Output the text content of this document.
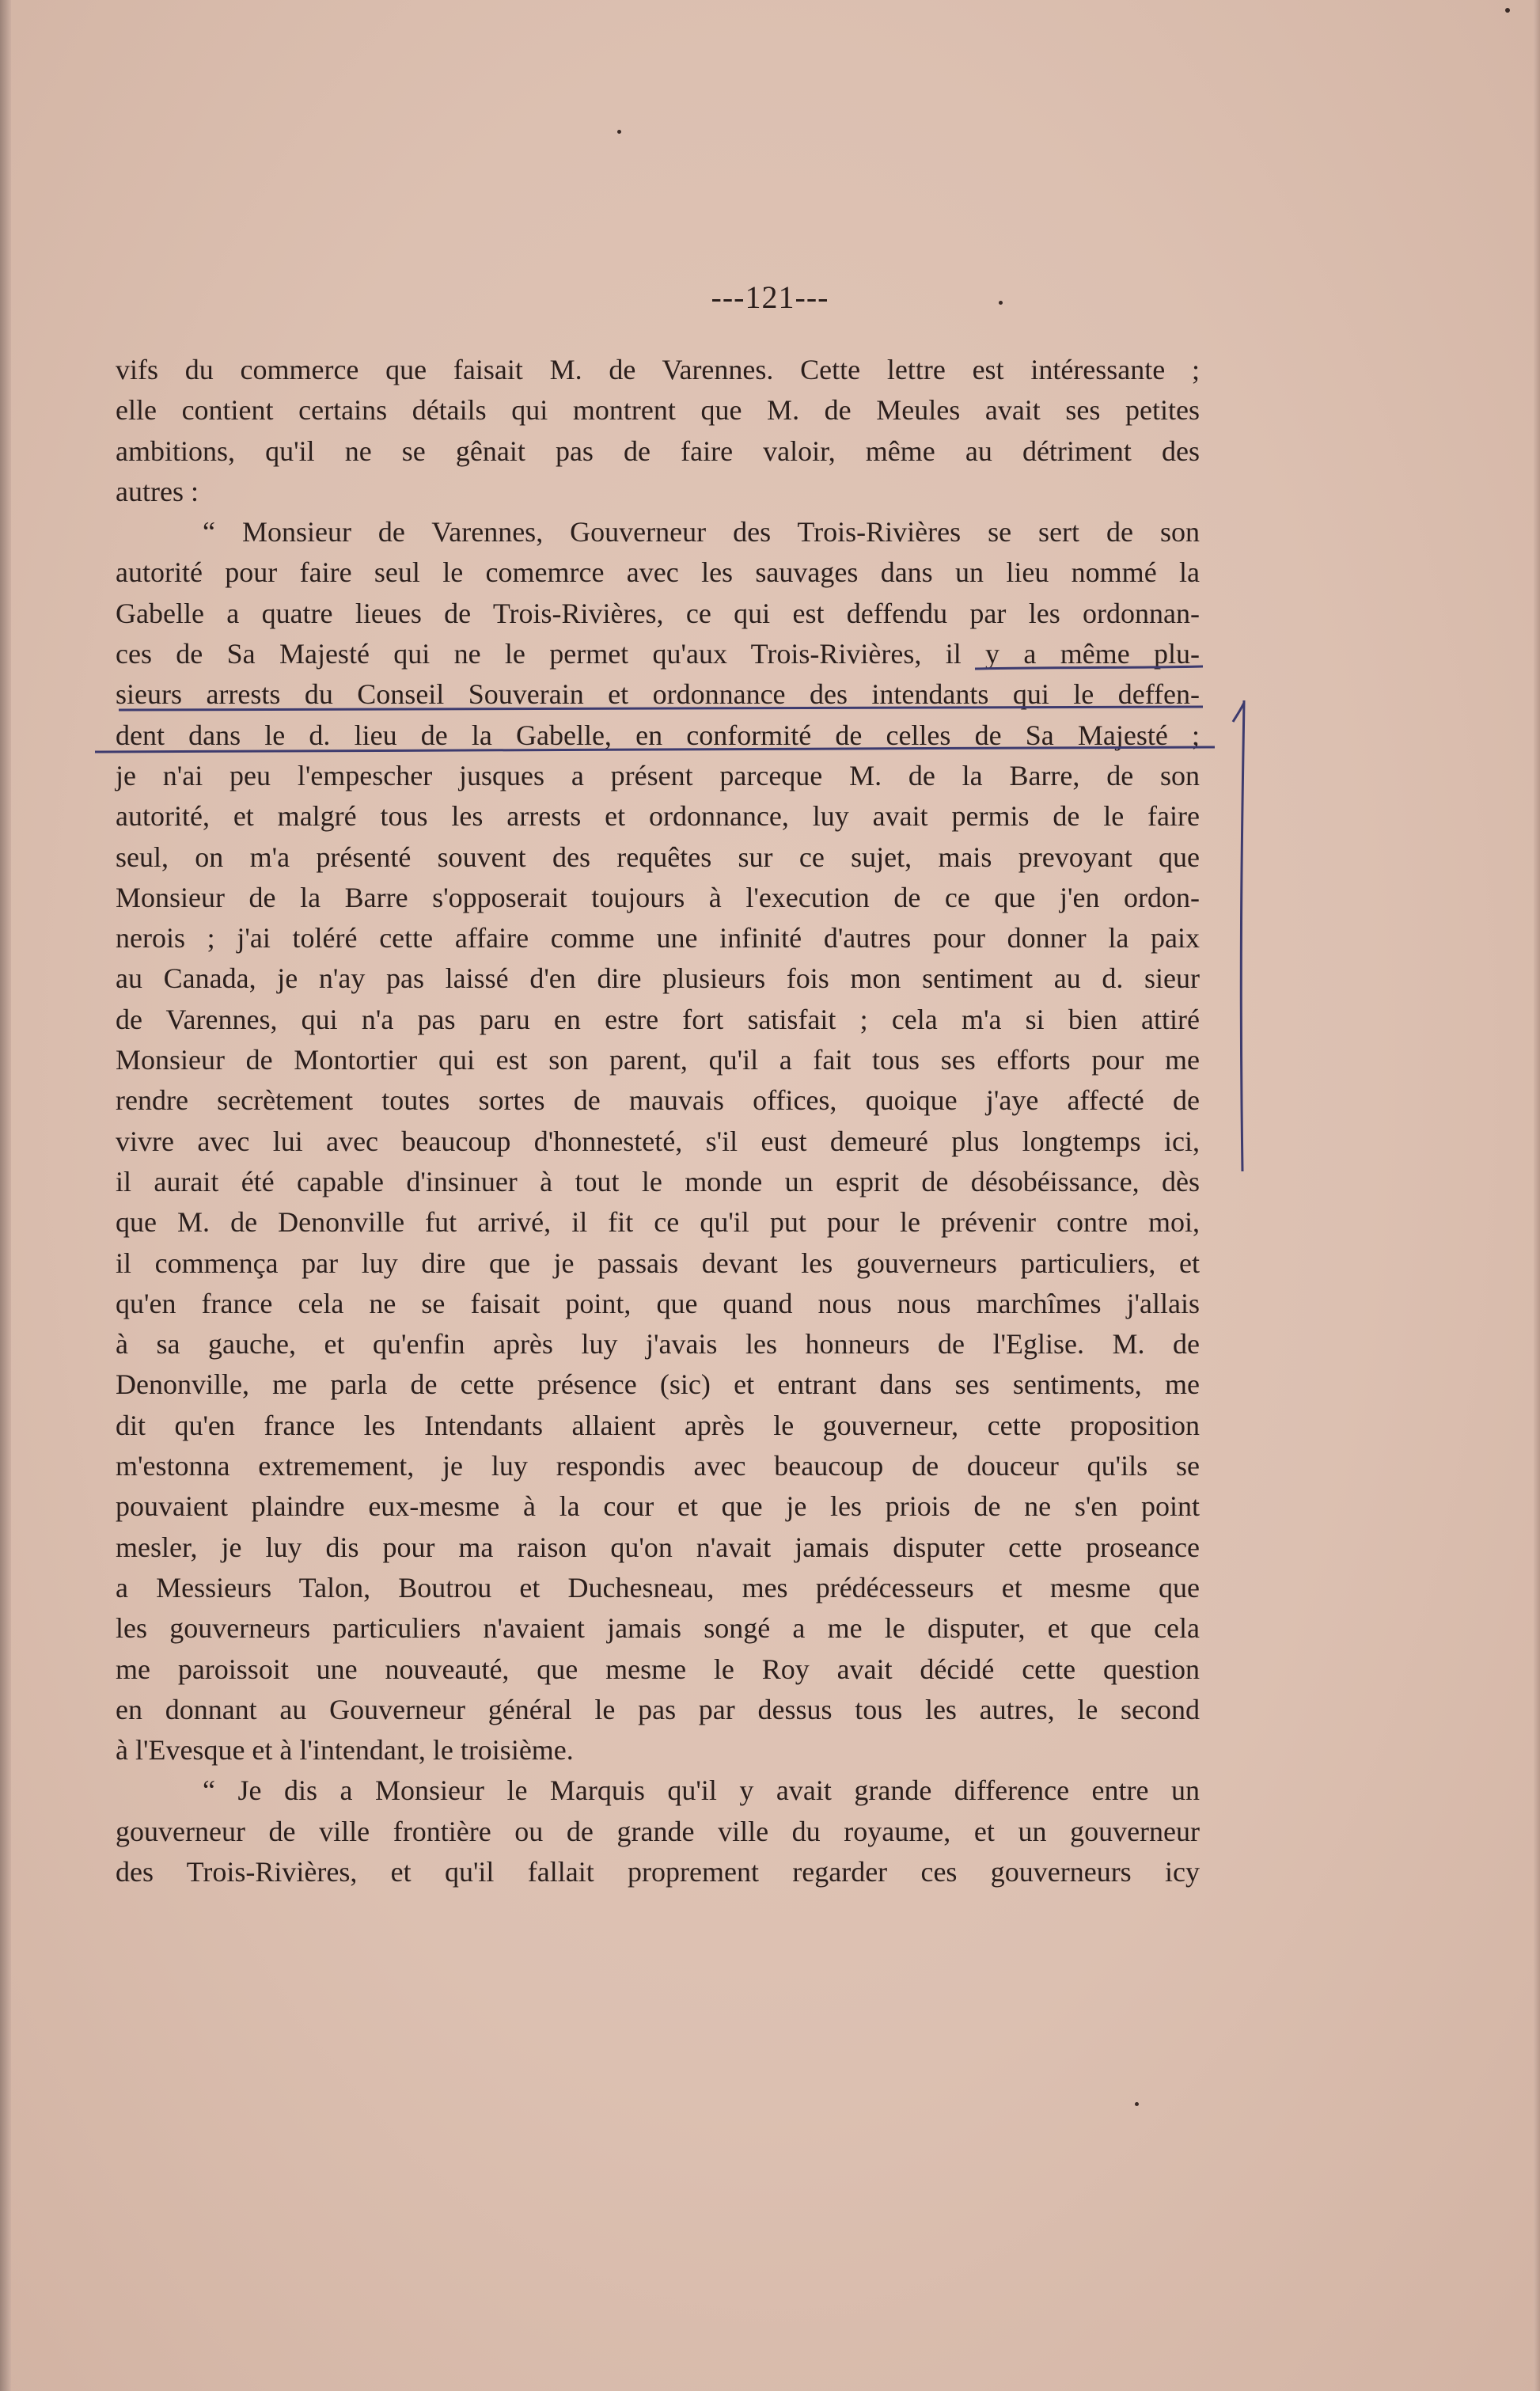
---121---
vifs du commerce que faisait M. de Varennes. Cette lettre est intéressante ;
elle contient certains détails qui montrent que M. de Meules avait ses petites
ambitions, qu'il ne se gênait pas de faire valoir, même au détriment des
autres :
“ Monsieur de Varennes, Gouverneur des Trois-Rivières se sert de son
autorité pour faire seul le comemrce avec les sauvages dans un lieu nommé la
Gabelle a quatre lieues de Trois-Rivières, ce qui est deffendu par les ordonnan-
ces de Sa Majesté qui ne le permet qu'aux Trois-Rivières, il y a même plu-
sieurs arrests du Conseil Souverain et ordonnance des intendants qui le deffen-
dent dans le d. lieu de la Gabelle, en conformité de celles de Sa Majesté ;
je n'ai peu l'empescher jusques a présent parceque M. de la Barre, de son
autorité, et malgré tous les arrests et ordonnance, luy avait permis de le faire
seul, on m'a présenté souvent des requêtes sur ce sujet, mais prevoyant que
Monsieur de la Barre s'opposerait toujours à l'execution de ce que j'en ordon-
nerois ; j'ai toléré cette affaire comme une infinité d'autres pour donner la paix
au Canada, je n'ay pas laissé d'en dire plusieurs fois mon sentiment au d. sieur
de Varennes, qui n'a pas paru en estre fort satisfait ; cela m'a si bien attiré
Monsieur de Montortier qui est son parent, qu'il a fait tous ses efforts pour me
rendre secrètement toutes sortes de mauvais offices, quoique j'aye affecté de
vivre avec lui avec beaucoup d'honnesteté, s'il eust demeuré plus longtemps ici,
il aurait été capable d'insinuer à tout le monde un esprit de désobéissance, dès
que M. de Denonville fut arrivé, il fit ce qu'il put pour le prévenir contre moi,
il commença par luy dire que je passais devant les gouverneurs particuliers, et
qu'en france cela ne se faisait point, que quand nous nous marchîmes j'allais
à sa gauche, et qu'enfin après luy j'avais les honneurs de l'Eglise. M. de
Denonville, me parla de cette présence (sic) et entrant dans ses sentiments, me
dit qu'en france les Intendants allaient après le gouverneur, cette proposition
m'estonna extremement, je luy respondis avec beaucoup de douceur qu'ils se
pouvaient plaindre eux-mesme à la cour et que je les priois de ne s'en point
mesler, je luy dis pour ma raison qu'on n'avait jamais disputer cette proseance
a Messieurs Talon, Boutrou et Duchesneau, mes prédécesseurs et mesme que
les gouverneurs particuliers n'avaient jamais songé a me le disputer, et que cela
me paroissoit une nouveauté, que mesme le Roy avait décidé cette question
en donnant au Gouverneur général le pas par dessus tous les autres, le second
à l'Evesque et à l'intendant, le troisième.
“ Je dis a Monsieur le Marquis qu'il y avait grande difference entre un
gouverneur de ville frontière ou de grande ville du royaume, et un gouverneur
des Trois-Rivières, et qu'il fallait proprement regarder ces gouverneurs icy
